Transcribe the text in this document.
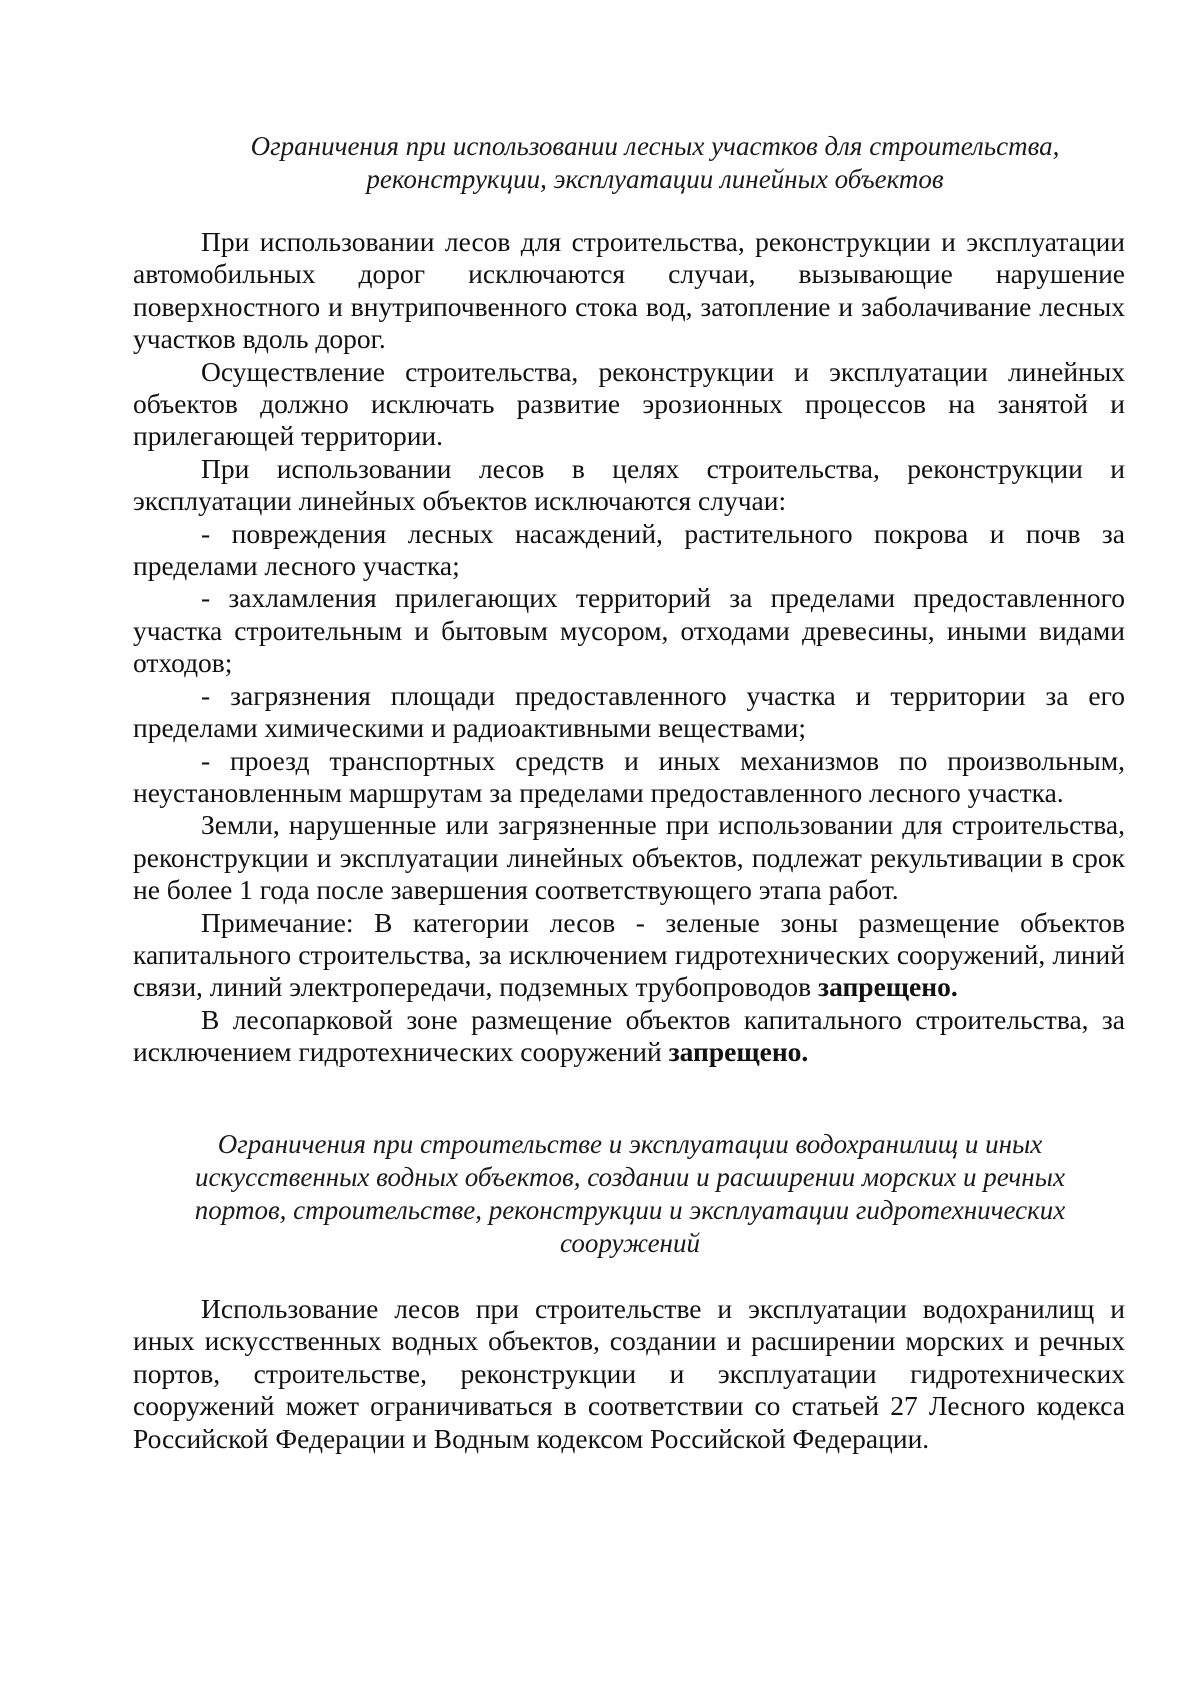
Ограничения при использовании лесных участков для строительства,
реконструкции, эксплуатации линейных объектов

При использовании лесов для строительства, реконструкции и эксплуатации автомобильных дорог исключаются случаи, вызывающие нарушение поверхностного и внутрипочвенного стока вод, затопление и заболачивание лесных участков вдоль дорог.

Осуществление строительства, реконструкции и эксплуатации линейных объектов должно исключать развитие эрозионных процессов на занятой и прилегающей территории.

При использовании лесов в целях строительства, реконструкции и эксплуатации линейных объектов исключаются случаи:

- повреждения лесных насаждений, растительного покрова и почв за пределами лесного участка;

- захламления прилегающих территорий за пределами предоставленного участка строительным и бытовым мусором, отходами древесины, иными видами отходов;

- загрязнения площади предоставленного участка и территории за его пределами химическими и радиоактивными веществами;

- проезд транспортных средств и иных механизмов по произвольным, неустановленным маршрутам за пределами предоставленного лесного участка.

Земли, нарушенные или загрязненные при использовании для строительства, реконструкции и эксплуатации линейных объектов, подлежат рекультивации в срок не более 1 года после завершения соответствующего этапа работ.

Примечание: В категории лесов - зеленые зоны размещение объектов капитального строительства, за исключением гидротехнических сооружений, линий связи, линий электропередачи, подземных трубопроводов запрещено.

В лесопарковой зоне размещение объектов капитального строительства, за исключением гидротехнических сооружений запрещено.

Ограничения при строительстве и эксплуатации водохранилищ и иных
искусственных водных объектов, создании и расширении морских и речных
портов, строительстве, реконструкции и эксплуатации гидротехнических
сооружений

Использование лесов при строительстве и эксплуатации водохранилищ и иных искусственных водных объектов, создании и расширении морских и речных портов, строительстве, реконструкции и эксплуатации гидротехнических сооружений может ограничиваться в соответствии со статьей 27 Лесного кодекса Российской Федерации и Водным кодексом Российской Федерации.
